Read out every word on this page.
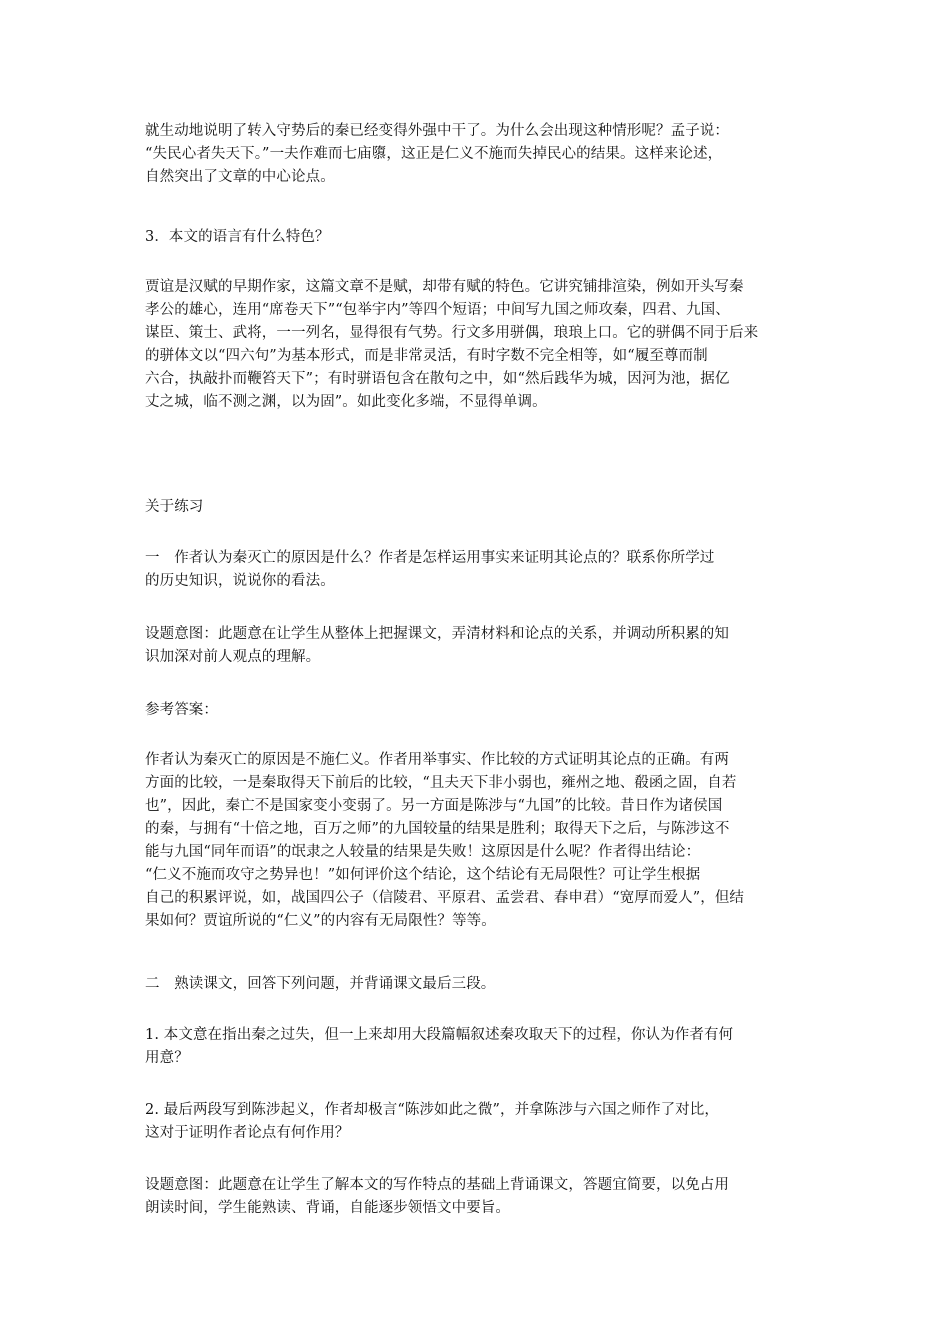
就生动地说明了转入守势后的秦已经变得外强中干了。为什么会出现这种情形呢？孟子说：
“失民心者失天下。”一夫作难而七庙隳，这正是仁义不施而失掉民心的结果。这样来论述，
自然突出了文章的中心论点。

3．本文的语言有什么特色？

贾谊是汉赋的早期作家，这篇文章不是赋，却带有赋的特色。它讲究铺排渲染，例如开头写秦
孝公的雄心，连用“席卷天下”“包举宇内”等四个短语；中间写九国之师攻秦，四君、九国、
谋臣、策士、武将，一一列名，显得很有气势。行文多用骈偶，琅琅上口。它的骈偶不同于后来
的骈体文以“四六句”为基本形式，而是非常灵活，有时字数不完全相等，如“履至尊而制
六合，执敲扑而鞭笞天下”；有时骈语包含在散句之中，如“然后践华为城，因河为池，据亿
丈之城，临不测之渊，以为固”。如此变化多端，不显得单调。

关于练习

一　作者认为秦灭亡的原因是什么？作者是怎样运用事实来证明其论点的？联系你所学过
的历史知识，说说你的看法。

设题意图：此题意在让学生从整体上把握课文，弄清材料和论点的关系，并调动所积累的知
识加深对前人观点的理解。

参考答案：

作者认为秦灭亡的原因是不施仁义。作者用举事实、作比较的方式证明其论点的正确。有两
方面的比较，一是秦取得天下前后的比较，“且夫天下非小弱也，雍州之地、殽函之固，自若
也”，因此，秦亡不是国家变小变弱了。另一方面是陈涉与“九国”的比较。昔日作为诸侯国
的秦，与拥有“十倍之地，百万之师”的九国较量的结果是胜利；取得天下之后，与陈涉这不
能与九国“同年而语”的氓隶之人较量的结果是失败！这原因是什么呢？作者得出结论：
“仁义不施而攻守之势异也！”如何评价这个结论，这个结论有无局限性？可让学生根据
自己的积累评说，如，战国四公子（信陵君、平原君、孟尝君、春申君）“宽厚而爱人”，但结
果如何？贾谊所说的“仁义”的内容有无局限性？等等。

二　熟读课文，回答下列问题，并背诵课文最后三段。

1. 本文意在指出秦之过失，但一上来却用大段篇幅叙述秦攻取天下的过程，你认为作者有何
用意？

2. 最后两段写到陈涉起义，作者却极言“陈涉如此之微”，并拿陈涉与六国之师作了对比，
这对于证明作者论点有何作用？

设题意图：此题意在让学生了解本文的写作特点的基础上背诵课文，答题宜简要，以免占用
朗读时间，学生能熟读、背诵，自能逐步领悟文中要旨。
